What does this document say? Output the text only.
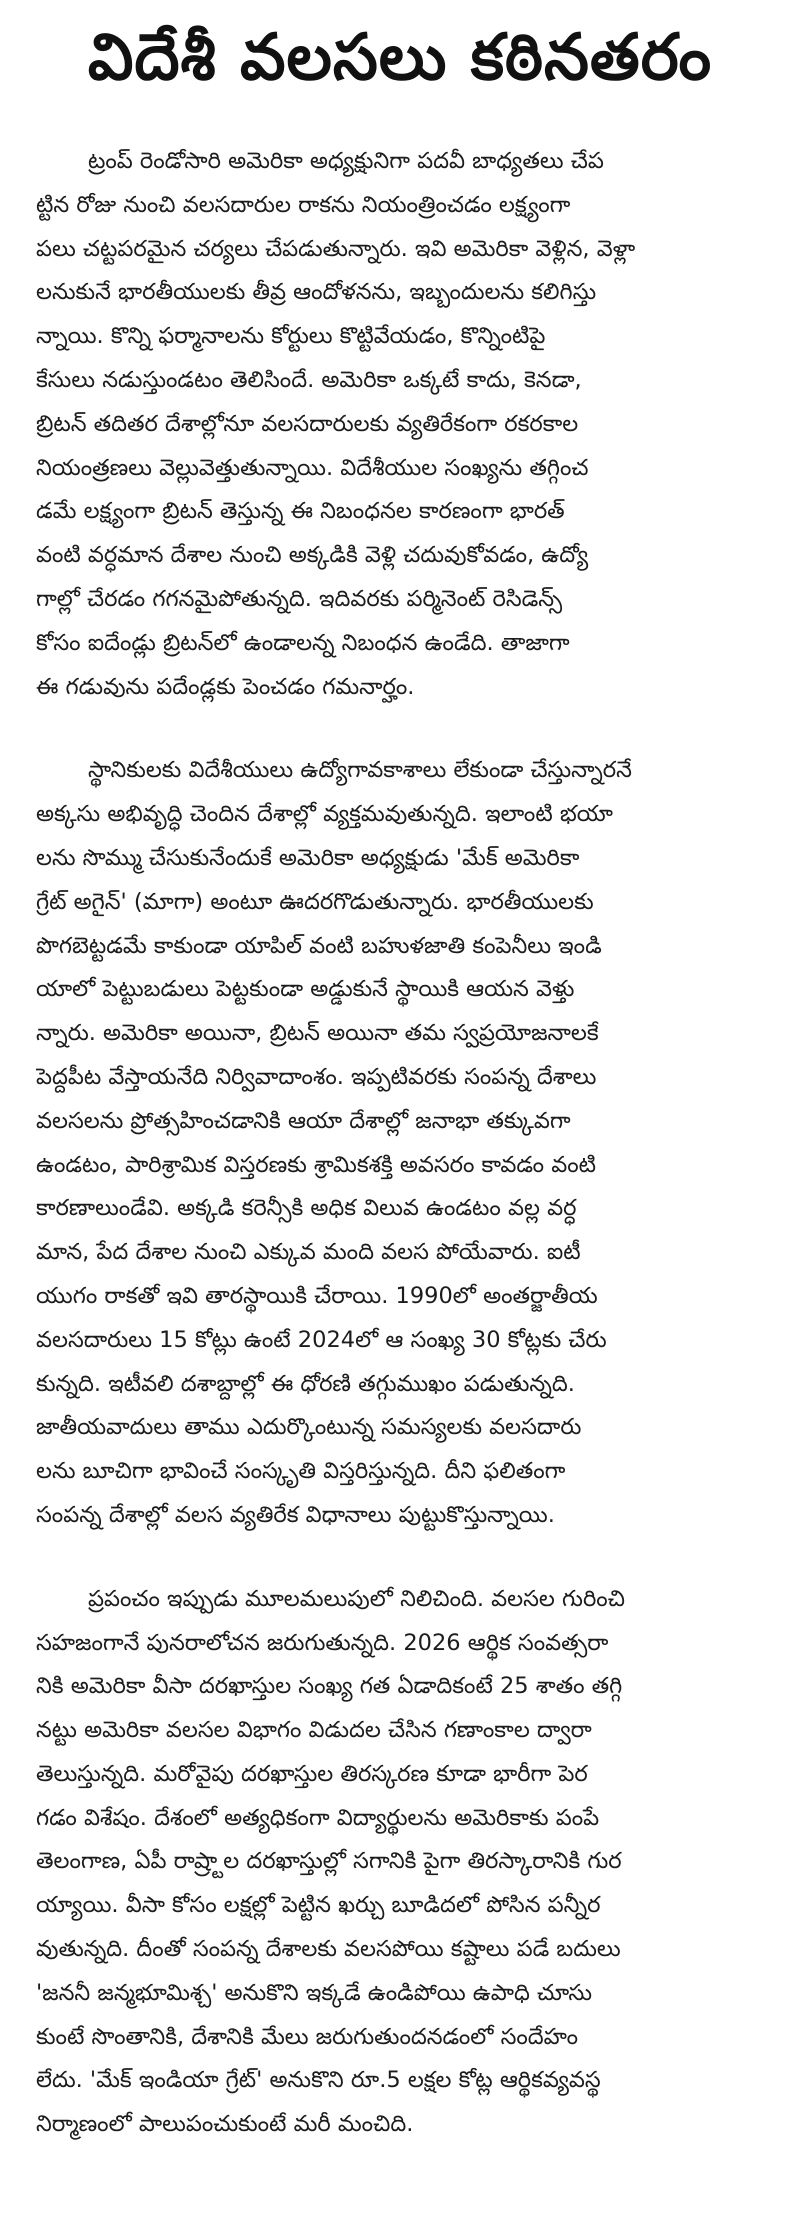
విదేశీ వలసలు కఠినతరం

ట్రంప్ రెండోసారి అమెరికా అధ్యక్షునిగా పదవీ బాధ్యతలు చేప
ట్టిన రోజు నుంచి వలసదారుల రాకను నియంత్రించడం లక్ష్యంగా
పలు చట్టపరమైన చర్యలు చేపడుతున్నారు. ఇవి అమెరికా వెళ్లిన, వెళ్లా
లనుకునే భారతీయులకు తీవ్ర ఆందోళనను, ఇబ్బందులను కలిగిస్తు
న్నాయి. కొన్ని ఫర్మానాలను కోర్టులు కొట్టివేయడం, కొన్నింటిపై
కేసులు నడుస్తుండటం తెలిసిందే. అమెరికా ఒక్కటే కాదు, కెనడా,
బ్రిటన్ తదితర దేశాల్లోనూ వలసదారులకు వ్యతిరేకంగా రకరకాల
నియంత్రణలు వెల్లువెత్తుతున్నాయి. విదేశీయుల సంఖ్యను తగ్గించ
డమే లక్ష్యంగా బ్రిటన్ తెస్తున్న ఈ నిబంధనల కారణంగా భారత్
వంటి వర్ధమాన దేశాల నుంచి అక్కడికి వెళ్లి చదువుకోవడం, ఉద్యో
గాల్లో చేరడం గగనమైపోతున్నది. ఇదివరకు పర్మినెంట్ రెసిడెన్స్
కోసం ఐదేండ్లు బ్రిటన్‌లో ఉండాలన్న నిబంధన ఉండేది. తాజాగా
ఈ గడువును పదేండ్లకు పెంచడం గమనార్హం.

స్థానికులకు విదేశీయులు ఉద్యోగావకాశాలు లేకుండా చేస్తున్నారనే
అక్కసు అభివృద్ధి చెందిన దేశాల్లో వ్యక్తమవుతున్నది. ఇలాంటి భయా
లను సొమ్ము చేసుకునేందుకే అమెరికా అధ్యక్షుడు 'మేక్ అమెరికా
గ్రేట్ అగైన్' (మాగా) అంటూ ఊదరగొడుతున్నారు. భారతీయులకు
పొగబెట్టడమే కాకుండా యాపిల్ వంటి బహుళజాతి కంపెనీలు ఇండి
యాలో పెట్టుబడులు పెట్టకుండా అడ్డుకునే స్థాయికి ఆయన వెళ్తు
న్నారు. అమెరికా అయినా, బ్రిటన్ అయినా తమ స్వప్రయోజనాలకే
పెద్దపీట వేస్తాయనేది నిర్వివాదాంశం. ఇప్పటివరకు సంపన్న దేశాలు
వలసలను ప్రోత్సహించడానికి ఆయా దేశాల్లో జనాభా తక్కువగా
ఉండటం, పారిశ్రామిక విస్తరణకు శ్రామికశక్తి అవసరం కావడం వంటి
కారణాలుండేవి. అక్కడి కరెన్సీకి అధిక విలువ ఉండటం వల్ల వర్ధ
మాన, పేద దేశాల నుంచి ఎక్కువ మంది వలస పోయేవారు. ఐటీ
యుగం రాకతో ఇవి తారస్థాయికి చేరాయి. 1990లో అంతర్జాతీయ
వలసదారులు 15 కోట్లు ఉంటే 2024లో ఆ సంఖ్య 30 కోట్లకు చేరు
కున్నది. ఇటీవలి దశాబ్దాల్లో ఈ ధోరణి తగ్గుముఖం పడుతున్నది.
జాతీయవాదులు తాము ఎదుర్కొంటున్న సమస్యలకు వలసదారు
లను బూచిగా భావించే సంస్కృతి విస్తరిస్తున్నది. దీని ఫలితంగా
సంపన్న దేశాల్లో వలస వ్యతిరేక విధానాలు పుట్టుకొస్తున్నాయి.

ప్రపంచం ఇప్పుడు మూలమలుపులో నిలిచింది. వలసల గురించి
సహజంగానే పునరాలోచన జరుగుతున్నది. 2026 ఆర్థిక సంవత్సరా
నికి అమెరికా వీసా దరఖాస్తుల సంఖ్య గత ఏడాదికంటే 25 శాతం తగ్గి
నట్టు అమెరికా వలసల విభాగం విడుదల చేసిన గణాంకాల ద్వారా
తెలుస్తున్నది. మరోవైపు దరఖాస్తుల తిరస్కరణ కూడా భారీగా పెర
గడం విశేషం. దేశంలో అత్యధికంగా విద్యార్థులను అమెరికాకు పంపే
తెలంగాణ, ఏపీ రాష్ర్టాల దరఖాస్తుల్లో సగానికి పైగా తిరస్కారానికి గుర
య్యాయి. వీసా కోసం లక్షల్లో పెట్టిన ఖర్చు బూడిదలో పోసిన పన్నీర
వుతున్నది. దీంతో సంపన్న దేశాలకు వలసపోయి కష్టాలు పడే బదులు
'జననీ జన్మభూమిశ్చ' అనుకొని ఇక్కడే ఉండిపోయి ఉపాధి చూసు
కుంటే సొంతానికి, దేశానికి మేలు జరుగుతుందనడంలో సందేహం
లేదు. 'మేక్ ఇండియా గ్రేట్' అనుకొని రూ.5 లక్షల కోట్ల ఆర్థికవ్యవస్థ
నిర్మాణంలో పాలుపంచుకుంటే మరీ మంచిది.
